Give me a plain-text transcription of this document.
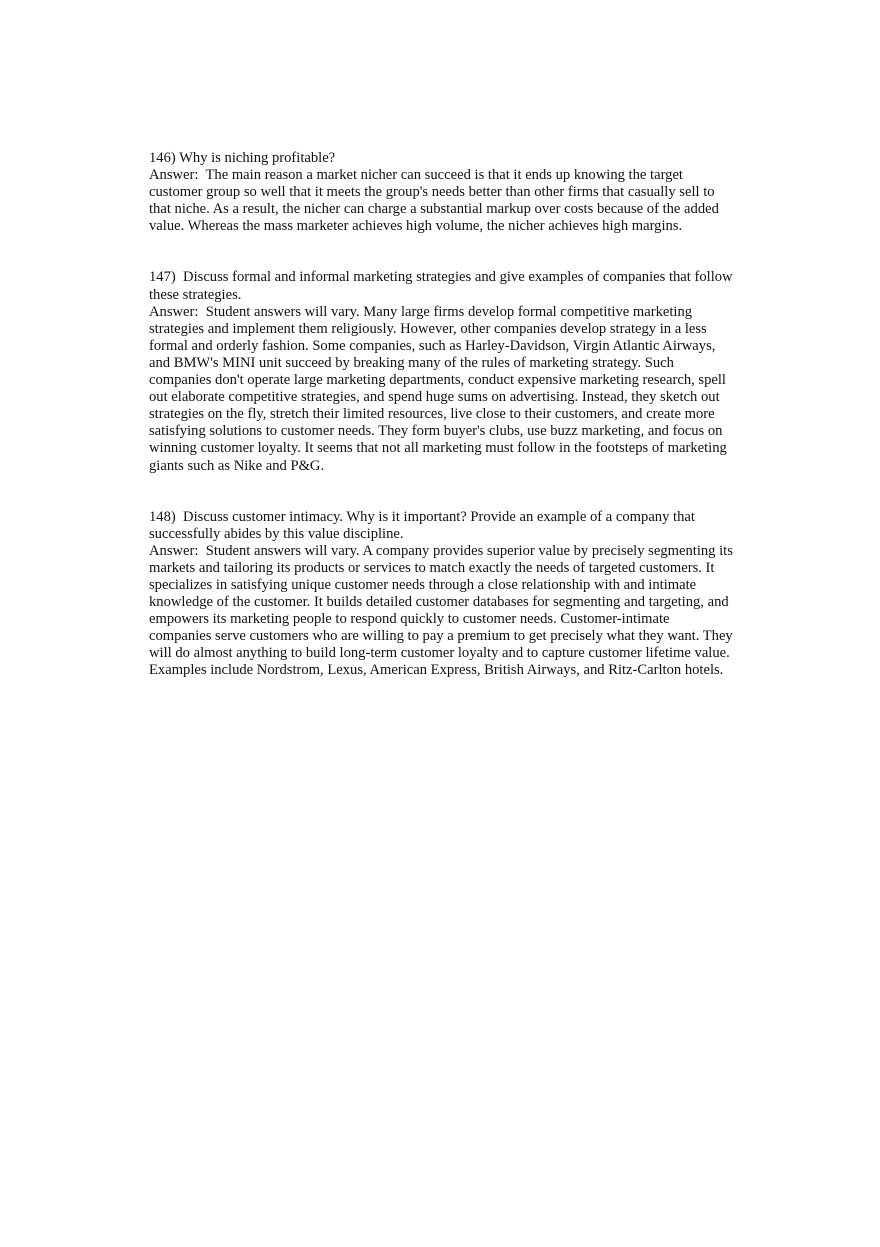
146) Why is niching profitable?

Answer:  The main reason a market nicher can succeed is that it ends up knowing the target customer group so well that it meets the group's needs better than other firms that casually sell to that niche. As a result, the nicher can charge a substantial markup over costs because of the added value. Whereas the mass marketer achieves high volume, the nicher achieves high margins.

147)  Discuss formal and informal marketing strategies and give examples of companies that follow these strategies.

Answer:  Student answers will vary. Many large firms develop formal competitive marketing strategies and implement them religiously. However, other companies develop strategy in a less formal and orderly fashion. Some companies, such as Harley-Davidson, Virgin Atlantic Airways, and BMW's MINI unit succeed by breaking many of the rules of marketing strategy. Such companies don't operate large marketing departments, conduct expensive marketing research, spell out elaborate competitive strategies, and spend huge sums on advertising. Instead, they sketch out strategies on the fly, stretch their limited resources, live close to their customers, and create more satisfying solutions to customer needs. They form buyer's clubs, use buzz marketing, and focus on winning customer loyalty. It seems that not all marketing must follow in the footsteps of marketing giants such as Nike and P&G.

148)  Discuss customer intimacy. Why is it important? Provide an example of a company that successfully abides by this value discipline.

Answer:  Student answers will vary. A company provides superior value by precisely segmenting its markets and tailoring its products or services to match exactly the needs of targeted customers. It specializes in satisfying unique customer needs through a close relationship with and intimate knowledge of the customer. It builds detailed customer databases for segmenting and targeting, and empowers its marketing people to respond quickly to customer needs. Customer-intimate companies serve customers who are willing to pay a premium to get precisely what they want. They will do almost anything to build long-term customer loyalty and to capture customer lifetime value. Examples include Nordstrom, Lexus, American Express, British Airways, and Ritz-Carlton hotels.
